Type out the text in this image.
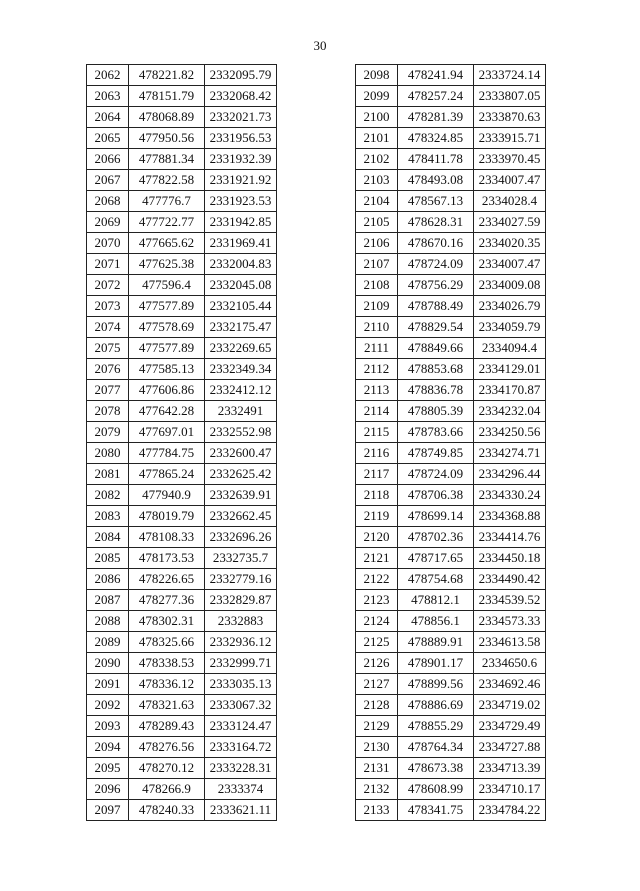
30
2062	478221.82	2332095.79
2063	478151.79	2332068.42
2064	478068.89	2332021.73
2065	477950.56	2331956.53
2066	477881.34	2331932.39
2067	477822.58	2331921.92
2068	477776.7	2331923.53
2069	477722.77	2331942.85
2070	477665.62	2331969.41
2071	477625.38	2332004.83
2072	477596.4	2332045.08
2073	477577.89	2332105.44
2074	477578.69	2332175.47
2075	477577.89	2332269.65
2076	477585.13	2332349.34
2077	477606.86	2332412.12
2078	477642.28	2332491
2079	477697.01	2332552.98
2080	477784.75	2332600.47
2081	477865.24	2332625.42
2082	477940.9	2332639.91
2083	478019.79	2332662.45
2084	478108.33	2332696.26
2085	478173.53	2332735.7
2086	478226.65	2332779.16
2087	478277.36	2332829.87
2088	478302.31	2332883
2089	478325.66	2332936.12
2090	478338.53	2332999.71
2091	478336.12	2333035.13
2092	478321.63	2333067.32
2093	478289.43	2333124.47
2094	478276.56	2333164.72
2095	478270.12	2333228.31
2096	478266.9	2333374
2097	478240.33	2333621.11
2098	478241.94	2333724.14
2099	478257.24	2333807.05
2100	478281.39	2333870.63
2101	478324.85	2333915.71
2102	478411.78	2333970.45
2103	478493.08	2334007.47
2104	478567.13	2334028.4
2105	478628.31	2334027.59
2106	478670.16	2334020.35
2107	478724.09	2334007.47
2108	478756.29	2334009.08
2109	478788.49	2334026.79
2110	478829.54	2334059.79
2111	478849.66	2334094.4
2112	478853.68	2334129.01
2113	478836.78	2334170.87
2114	478805.39	2334232.04
2115	478783.66	2334250.56
2116	478749.85	2334274.71
2117	478724.09	2334296.44
2118	478706.38	2334330.24
2119	478699.14	2334368.88
2120	478702.36	2334414.76
2121	478717.65	2334450.18
2122	478754.68	2334490.42
2123	478812.1	2334539.52
2124	478856.1	2334573.33
2125	478889.91	2334613.58
2126	478901.17	2334650.6
2127	478899.56	2334692.46
2128	478886.69	2334719.02
2129	478855.29	2334729.49
2130	478764.34	2334727.88
2131	478673.38	2334713.39
2132	478608.99	2334710.17
2133	478341.75	2334784.22
